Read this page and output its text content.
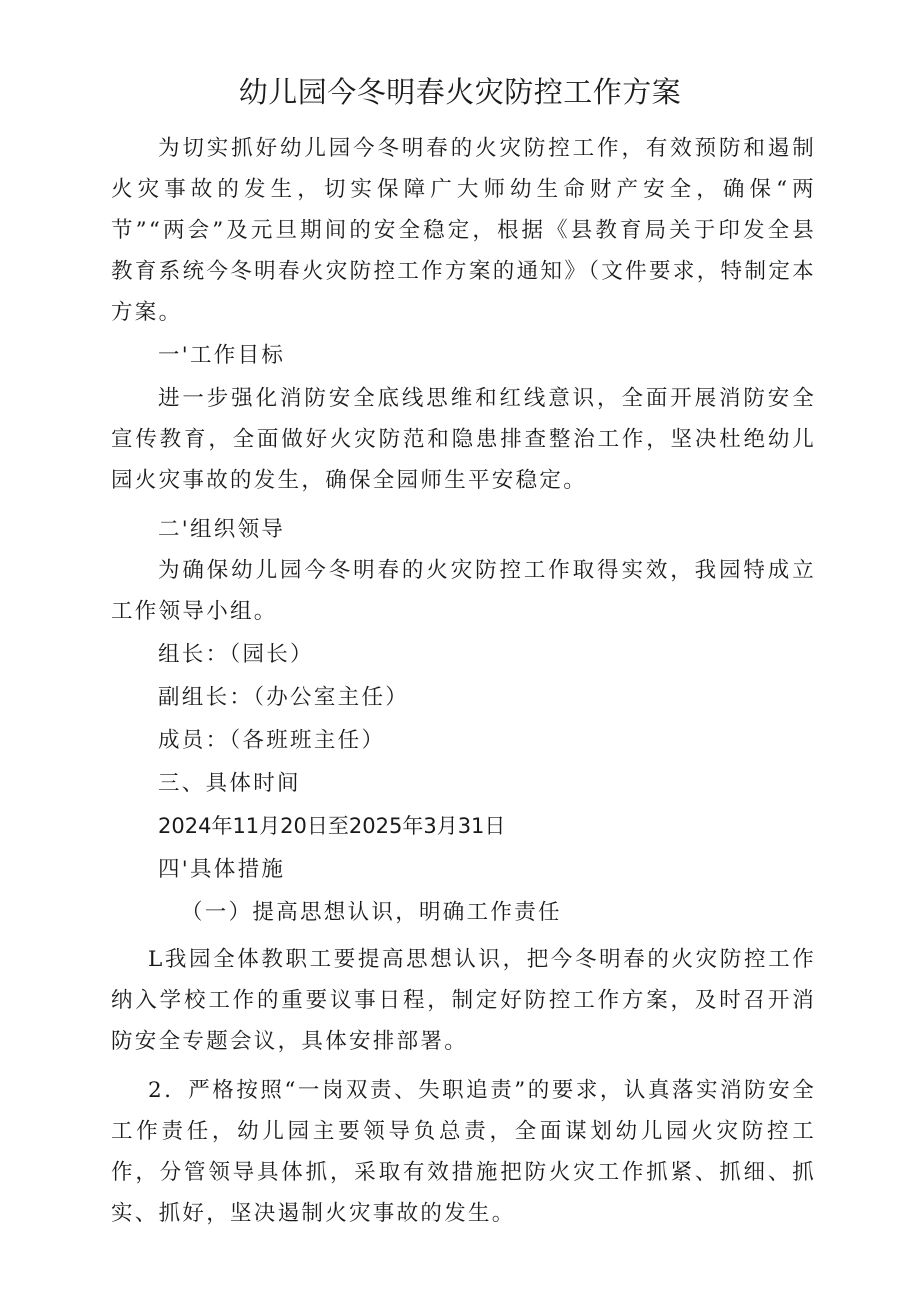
幼儿园今冬明春火灾防控工作方案

为切实抓好幼儿园今冬明春的火灾防控工作，有效预防和遏制火灾事故的发生，切实保障广大师幼生命财产安全，确保“两节”“两会”及元旦期间的安全稳定，根据《县教育局关于印发全县教育系统今冬明春火灾防控工作方案的通知》（文件要求，特制定本方案。

一'工作目标

进一步强化消防安全底线思维和红线意识，全面开展消防安全宣传教育，全面做好火灾防范和隐患排查整治工作，坚决杜绝幼儿园火灾事故的发生，确保全园师生平安稳定。

二'组织领导

为确保幼儿园今冬明春的火灾防控工作取得实效，我园特成立工作领导小组。

组长：（园长）

副组长：（办公室主任）

成员：（各班班主任）

三、具体时间

2024年11月20日至2025年3月31日

四'具体措施

（一）提高思想认识，明确工作责任

L我园全体教职工要提高思想认识，把今冬明春的火灾防控工作纳入学校工作的重要议事日程，制定好防控工作方案，及时召开消防安全专题会议，具体安排部署。

2．严格按照“一岗双责、失职追责”的要求，认真落实消防安全工作责任，幼儿园主要领导负总责，全面谋划幼儿园火灾防控工作，分管领导具体抓，采取有效措施把防火灾工作抓紧、抓细、抓实、抓好，坚决遏制火灾事故的发生。
